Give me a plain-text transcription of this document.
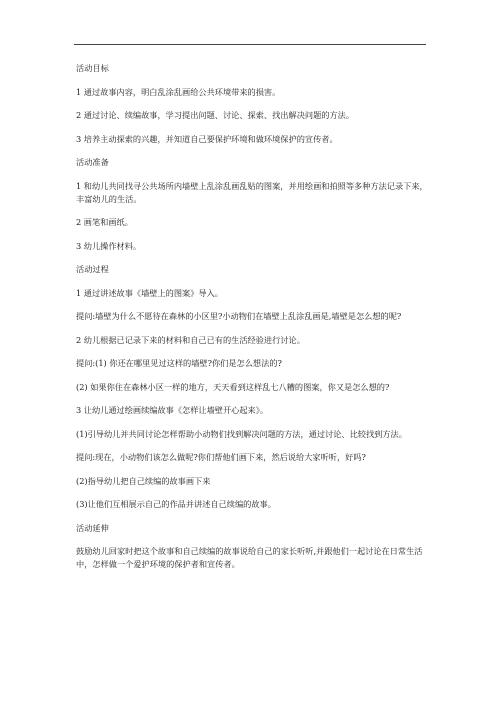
活动目标

1 通过故事内容，明白乱涂乱画给公共环境带来的损害。

2 通过讨论、续编故事，学习提出问题、讨论、探索、找出解决问题的方法。

3 培养主动探索的兴趣，并知道自己要保护环境和做环境保护的宣传者。

活动准备

1 和幼儿共同找寻公共场所内墙壁上乱涂乱画乱贴的图案，并用绘画和拍照等多种方法记录下来，丰富幼儿的生活。

2 画笔和画纸。

3 幼儿操作材料。

活动过程

1 通过讲述故事《墙壁上的图案》导入。

提问:墙壁为什么不愿待在森林的小区里?小动物们在墙壁上乱涂乱画是,墙壁是怎么想的呢?

2 幼儿根据已记录下来的材料和自己已有的生活经验进行讨论。

提问:(1) 你还在哪里见过这样的墙壁?你们是怎么想法的?

(2) 如果你住在森林小区一样的地方，天天看到这样乱七八糟的图案，你又是怎么想的?

3 让幼儿通过绘画续编故事《怎样让墙壁开心起来》。

(1)引导幼儿并共同讨论怎样帮助小动物们找到解决问题的方法，通过讨论、比较找到方法。

提问:现在，小动物们该怎么做呢?你们帮他们画下来，然后说给大家听听，好吗?

(2)指导幼儿把自己续编的故事画下来

(3)让他们互相展示自己的作品并讲述自己续编的故事。

活动延伸

鼓励幼儿回家时把这个故事和自己续编的故事说给自己的家长听听,并跟他们一起讨论在日常生活中，怎样做一个爱护环境的保护者和宣传者。
